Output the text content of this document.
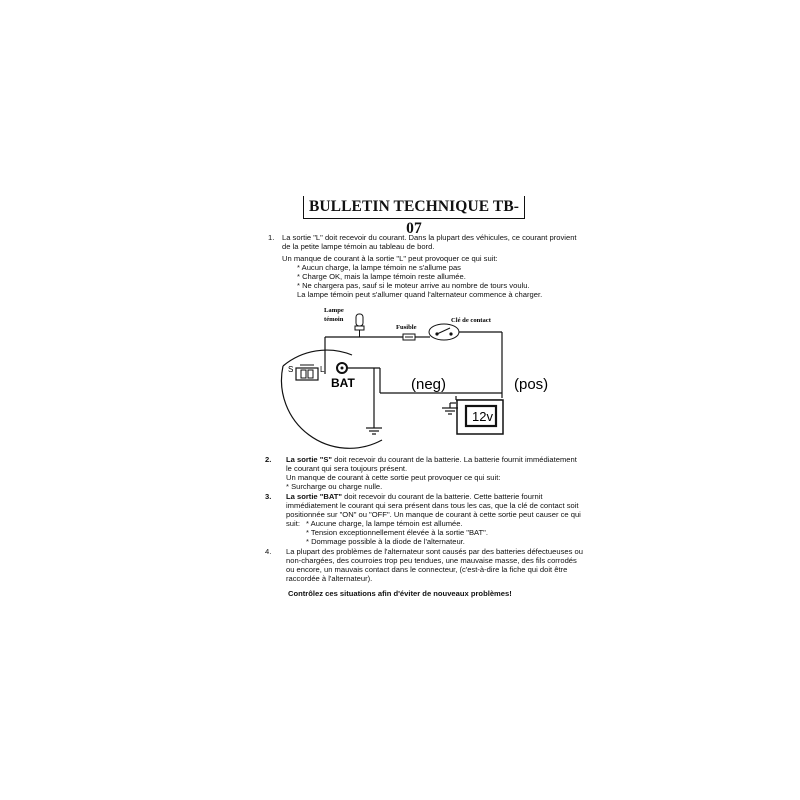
BULLETIN TECHNIQUE TB-07
1. La sortie "L" doit recevoir du courant. Dans la plupart des véhicules, ce courant provient
de la petite lampe témoin au tableau de bord.
Un manque de courant à la sortie "L" peut provoquer ce qui suit:
* Aucun charge, la lampe témoin ne s'allume pas
* Charge OK, mais la lampe témoin reste allumée.
* Ne chargera pas, sauf si le moteur arrive au nombre de tours voulu.
La lampe témoin peut s'allumer quand l'alternateur commence à charger.
Lampe
témoin
Fusible
Clé de contact
S	L
BAT
12v
(neg)	(pos)
2. La sortie "S" doit recevoir du courant de la batterie. La batterie fournit immédiatement
le courant qui sera toujours présent.
Un manque de courant à cette sortie peut provoquer ce qui suit:
* Surcharge ou charge nulle.
3. La sortie "BAT" doit recevoir du courant de la batterie. Cette batterie fournit
immédiatement le courant qui sera présent dans tous les cas, que la clé de contact soit
positionnée sur "ON" ou "OFF". Un manque de courant à cette sortie peut causer ce qui
suit: * Aucune charge, la lampe témoin est allumée.
* Tension exceptionnellement élevée à la sortie "BAT".
* Dommage possible à la diode de l'alternateur.
4. La plupart des problèmes de l'alternateur sont causés par des batteries défectueuses ou
non-chargées, des courroies trop peu tendues, une mauvaise masse, des fils corrodés
ou encore, un mauvais contact dans le connecteur, (c'est-à-dire la fiche qui doit être
raccordée à l'alternateur).
Contrôlez ces situations afin d'éviter de nouveaux problèmes!
